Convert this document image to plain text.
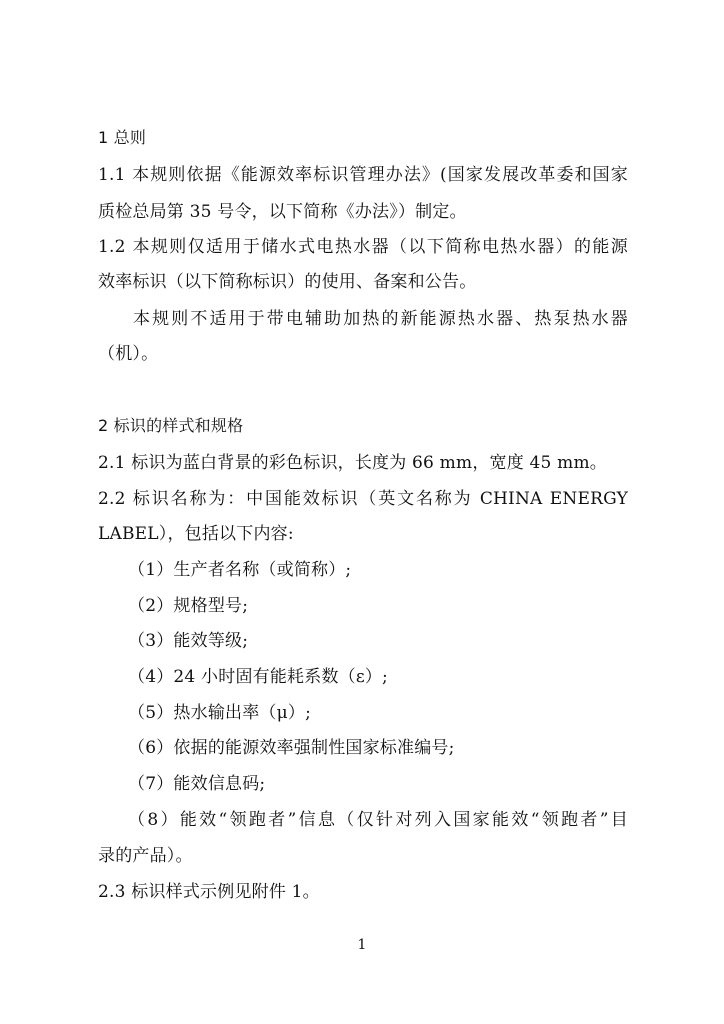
1 总则
1.1 本规则依据《能源效率标识管理办法》(国家发展改革委和国家
质检总局第 35 号令，以下简称《办法》）制定。
1.2 本规则仅适用于储水式电热水器（以下简称电热水器）的能源
效率标识（以下简称标识）的使用、备案和公告。
本规则不适用于带电辅助加热的新能源热水器、热泵热水器
（机）。
2 标识的样式和规格
2.1 标识为蓝白背景的彩色标识，长度为 66 mm，宽度 45 mm。
2.2 标识名称为：中国能效标识（英文名称为 CHINA ENERGY
LABEL），包括以下内容:
（1）生产者名称（或简称）;
（2）规格型号;
（3）能效等级;
（4）24 小时固有能耗系数（ε）;
（5）热水输出率（μ）;
（6）依据的能源效率强制性国家标准编号;
（7）能效信息码;
（8）能效“领跑者”信息（仅针对列入国家能效“领跑者”目
录的产品）。
2.3 标识样式示例见附件 1。
1
